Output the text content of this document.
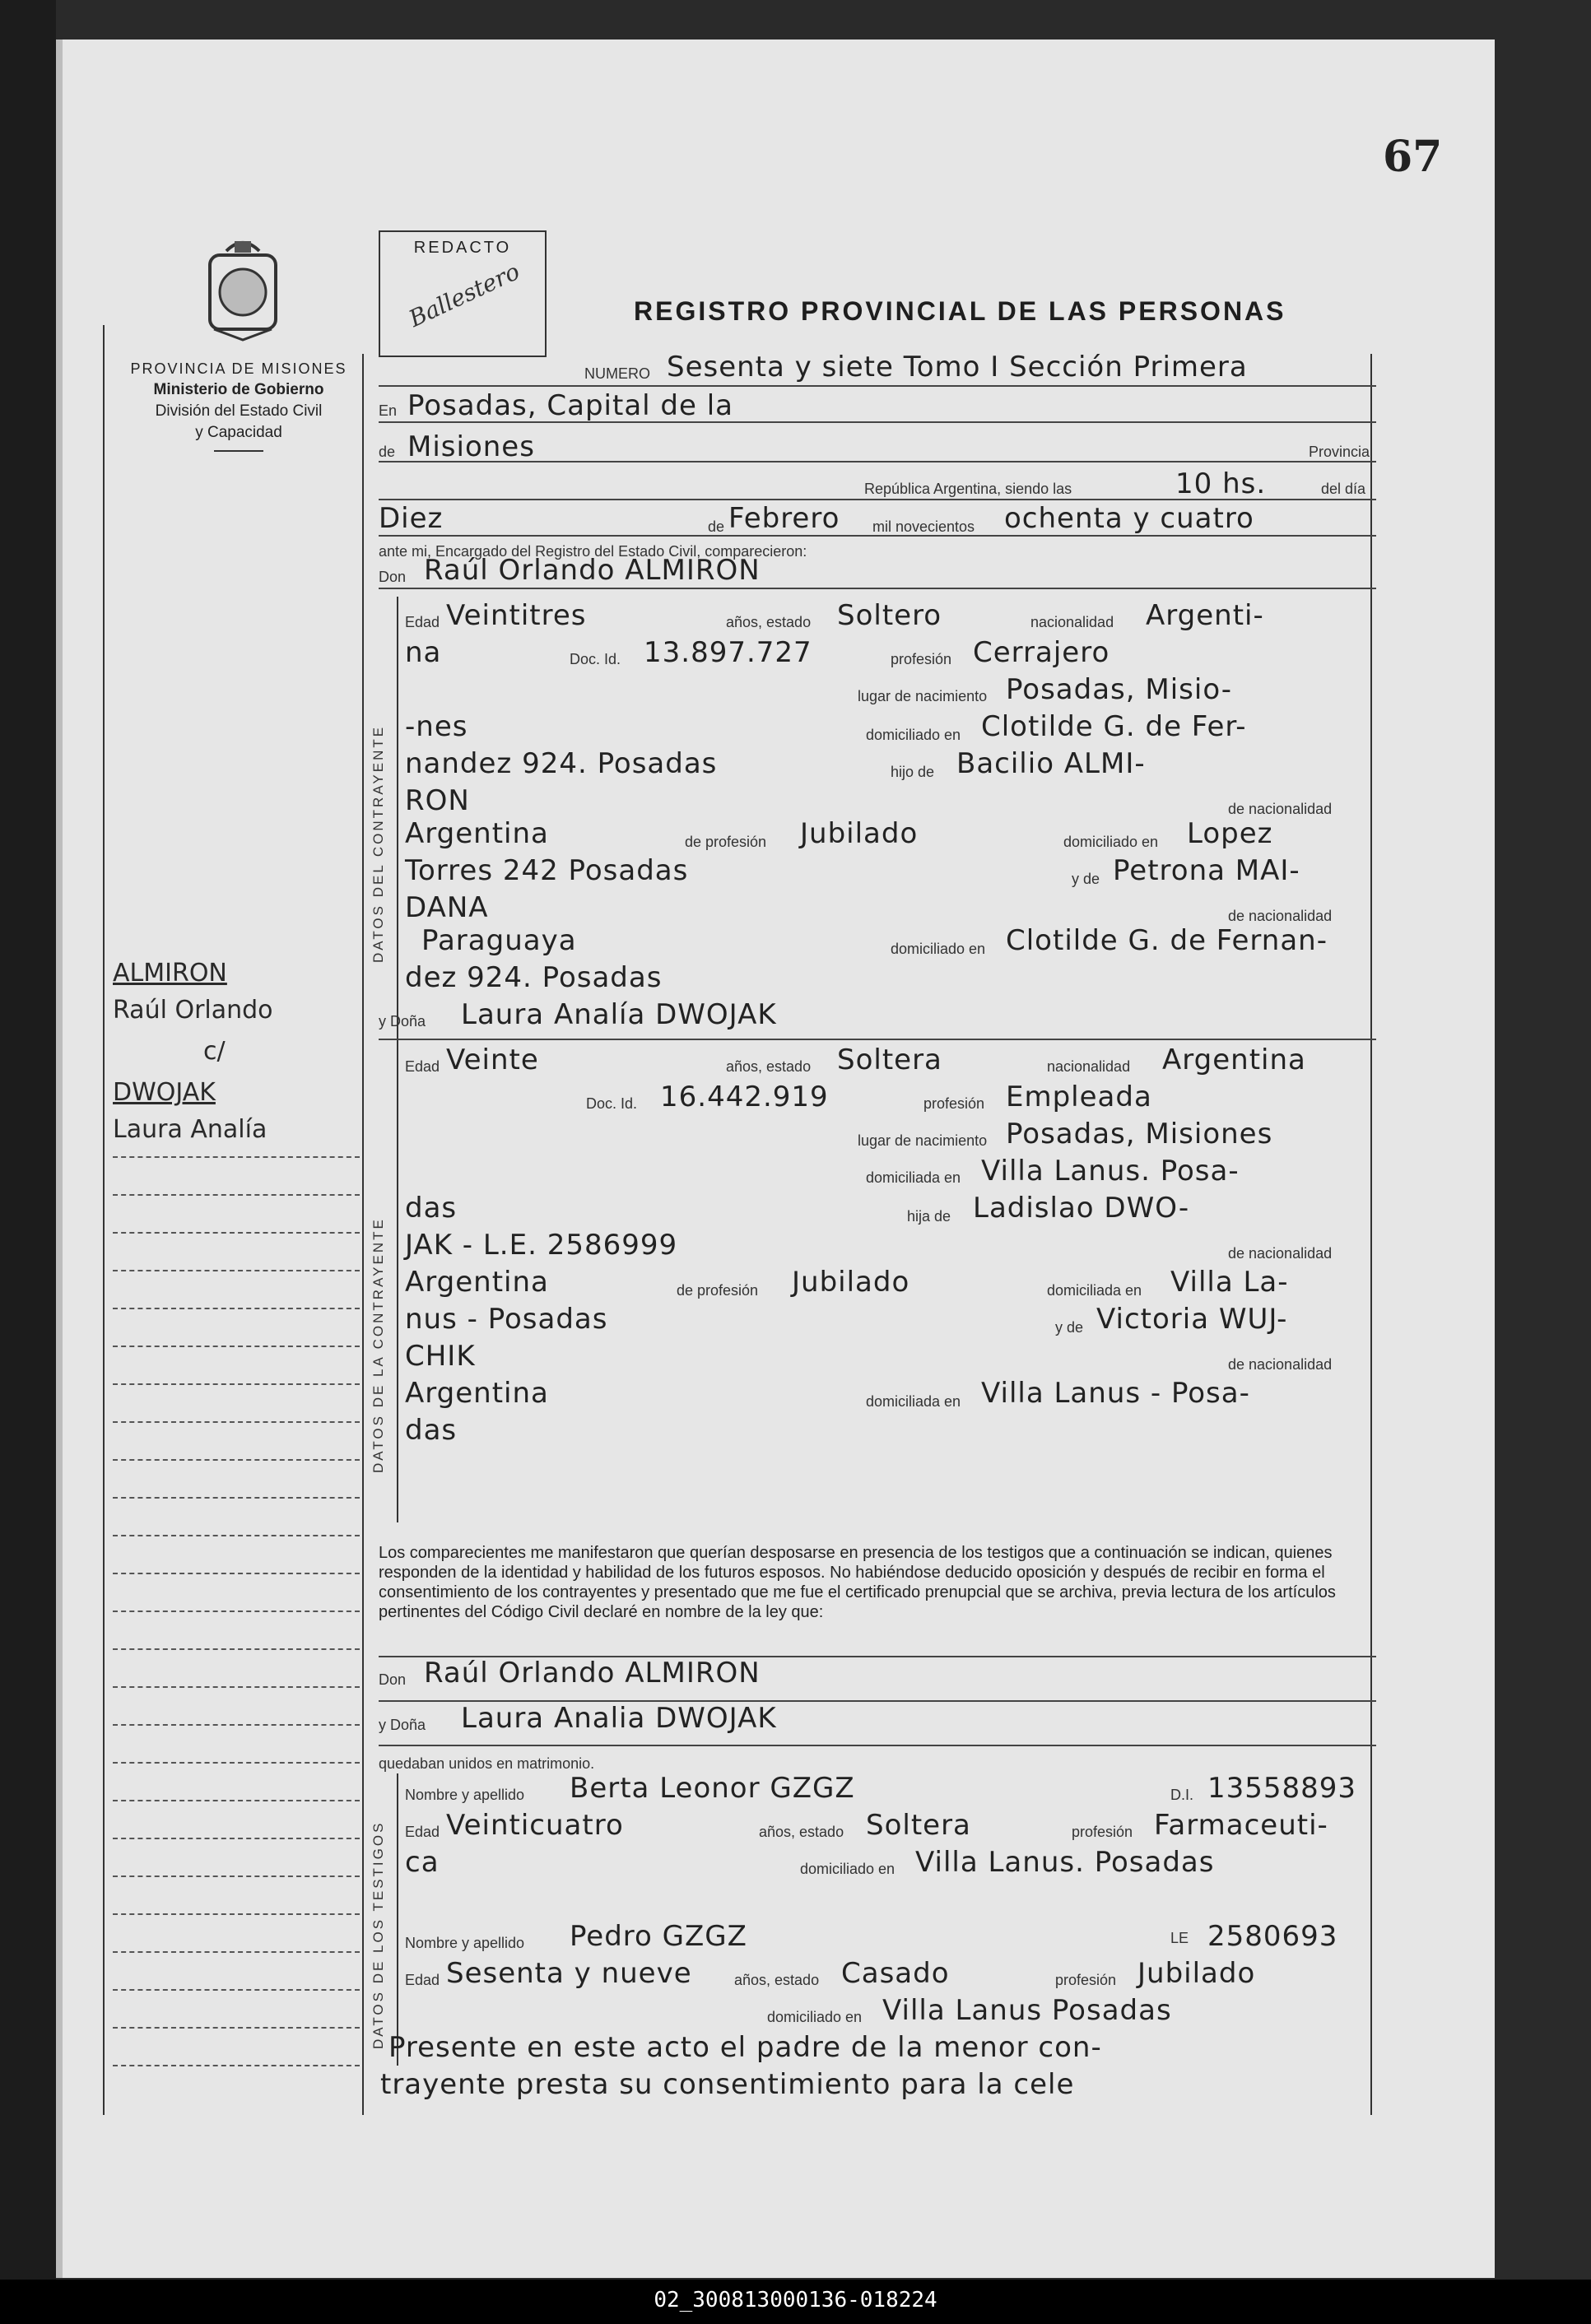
67
PROVINCIA DE MISIONES
Ministerio de Gobierno
División del Estado Civil
y Capacidad
REDACTO
Ballestero	REGISTRO PROVINCIAL DE LAS PERSONAS
ALMIRON
Raúl Orlando
c/
DWOJAK
Laura Analía
NUMERO Sesenta y siete Tomo I Sección Primera
En Posadas, Capital de la
de Misiones	Provincia
República Argentina, siendo las	10 hs.	del día
Diez	de Febrero mil novecientos ochenta y cuatro
ante mi, Encargado del Registro del Estado Civil, comparecieron:
Don Raúl Orlando ALMIRON
DATOS DEL CONTRAYENTE
Edad Veintitres	años, estado Soltero	nacionalidad Argenti-
na	Doc. Id. 13.897.727	profesión Cerrajero
lugar de nacimiento Posadas, Misio-
-nes	domiciliado en Clotilde G. de Fer-
nandez 924. Posadas	hijo de Bacilio ALMI-
RON	de nacionalidad
Argentina	de profesión Jubilado	domiciliado en Lopez
Torres 242 Posadas	y de Petrona MAI-
DANA	de nacionalidad
Paraguaya	domiciliado en Clotilde G. de Fernan-
dez 924. Posadas
y Doña Laura Analía DWOJAK
DATOS DE LA CONTRAYENTE
Edad Veinte	años, estado Soltera	nacionalidad Argentina
Doc. Id. 16.442.919	profesión Empleada
lugar de nacimiento Posadas, Misiones
domiciliada en Villa Lanus. Posa-
das	hija de Ladislao DWO-
JAK - L.E. 2586999	de nacionalidad
Argentina	de profesión Jubilado	domiciliada en Villa La-
nus - Posadas	y de Victoria WUJ-
CHIK	de nacionalidad
Argentina	domiciliada en Villa Lanus - Posa-
das
Los comparecientes me manifestaron que querían desposarse en presencia de los testigos que a continuación se indican, quienes responden de la identidad y habilidad de los futuros esposos. No habiéndose deducido oposición y después de recibir en forma el consentimiento de los contrayentes y presentado que me fue el certificado prenupcial que se archiva, previa lectura de los artículos pertinentes del Código Civil declaré en nombre de la ley que:
Don Raúl Orlando ALMIRON
y Doña Laura Analia DWOJAK
quedaban unidos en matrimonio.
DATOS DE LOS TESTIGOS
Nombre y apellido Berta Leonor GZGZ	D.I. 13558893
Edad Veinticuatro	años, estado Soltera	profesión Farmaceuti-
ca	domiciliado en Villa Lanus. Posadas
Nombre y apellido Pedro GZGZ	LE 2580693
Edad Sesenta y nueve	años, estado Casado	profesión Jubilado
domiciliado en Villa Lanus Posadas
Presente en este acto el padre de la menor con-
trayente presta su consentimiento para la cele
02_300813000136-018224
